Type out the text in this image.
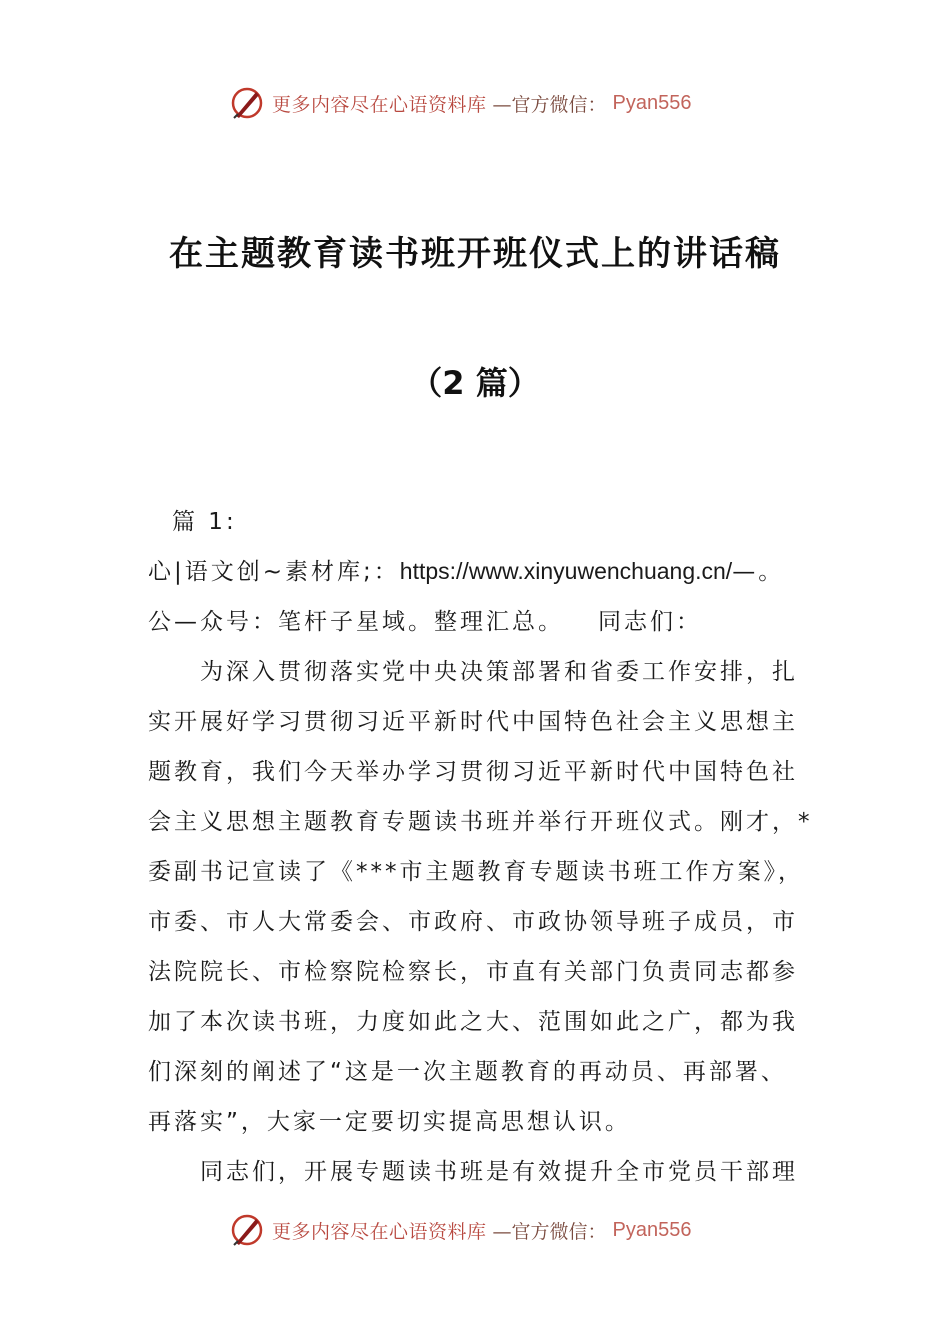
更多内容尽在心语资料库 —官方微信： Pyan556
在主题教育读书班开班仪式上的讲话稿
（2 篇）
篇 1:
心|语文创~素材库;：https://www.xinyuwenchuang.cn/—。
公—众号：笔杆子星域。整理汇总。 同志们：
为深入贯彻落实党中央决策部署和省委工作安排，扎
实开展好学习贯彻习近平新时代中国特色社会主义思想主
题教育，我们今天举办学习贯彻习近平新时代中国特色社
会主义思想主题教育专题读书班并举行开班仪式。刚才，*
委副书记宣读了《***市主题教育专题读书班工作方案》，
市委、市人大常委会、市政府、市政协领导班子成员，市
法院院长、市检察院检察长，市直有关部门负责同志都参
加了本次读书班，力度如此之大、范围如此之广，都为我
们深刻的阐述了“这是一次主题教育的再动员、再部署、
再落实”，大家一定要切实提高思想认识。
同志们，开展专题读书班是有效提升全市党员干部理
更多内容尽在心语资料库 —官方微信： Pyan556
